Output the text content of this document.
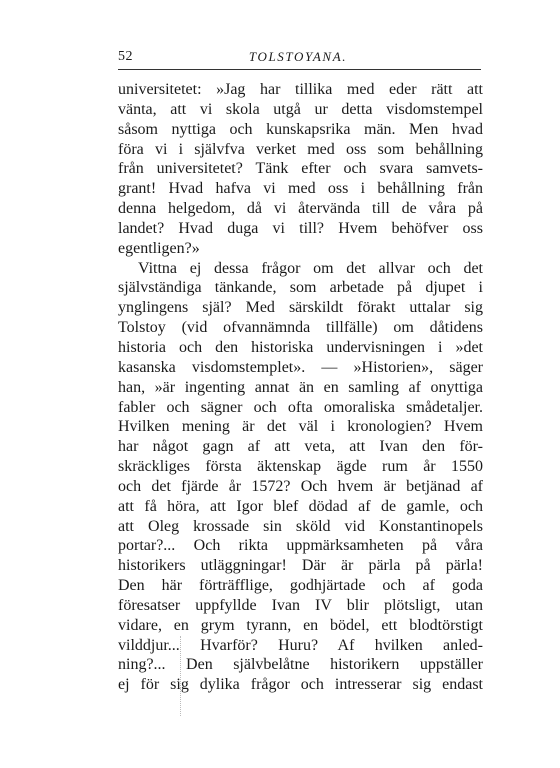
52	TOLSTOYANA.
universitetet: »Jag har tillika med eder rätt att
vänta, att vi skola utgå ur detta visdomstempel
såsom nyttiga och kunskapsrika män. Men hvad
föra vi i självfva verket med oss som behållning
från universitetet? Tänk efter och svara samvets-
grant! Hvad hafva vi med oss i behållning från
denna helgedom, då vi återvända till de våra på
landet? Hvad duga vi till? Hvem behöfver oss
egentligen?»
Vittna ej dessa frågor om det allvar och det
självständiga tänkande, som arbetade på djupet i
ynglingens själ? Med särskildt förakt uttalar sig
Tolstoy (vid ofvannämnda tillfälle) om dåtidens
historia och den historiska undervisningen i »det
kasanska visdomstemplet». — »Historien», säger
han, »är ingenting annat än en samling af onyttiga
fabler och sägner och ofta omoraliska smådetaljer.
Hvilken mening är det väl i kronologien? Hvem
har något gagn af att veta, att Ivan den för-
skräckliges första äktenskap ägde rum år 1550
och det fjärde år 1572? Och hvem är betjänad af
att få höra, att Igor blef dödad af de gamle, och
att Oleg krossade sin sköld vid Konstantinopels
portar?... Och rikta uppmärksamheten på våra
historikers utläggningar! Där är pärla på pärla!
Den här förträfflige, godhjärtade och af goda
föresatser uppfyllde Ivan IV blir plötsligt, utan
vidare, en grym tyrann, en bödel, ett blodtörstigt
vilddjur... Hvarför? Huru? Af hvilken anled-
ning?... Den självbelåtne historikern uppställer
ej för sig dylika frågor och intresserar sig endast
